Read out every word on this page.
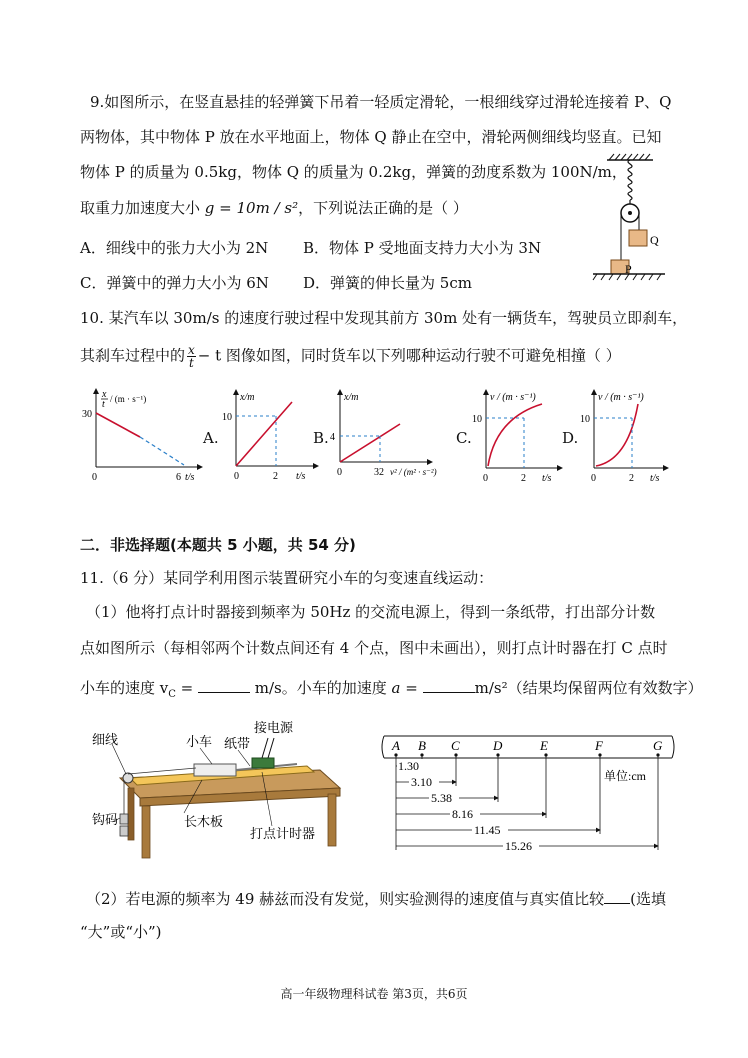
9.如图所示，在竖直悬挂的轻弹簧下吊着一轻质定滑轮，一根细线穿过滑轮连接着 P、Q
两物体，其中物体 P 放在水平地面上，物体 Q 静止在空中，滑轮两侧细线均竖直。已知
物体 P 的质量为 0.5kg，物体 Q 的质量为 0.2kg，弹簧的劲度系数为 100N/m，
取重力加速度大小 g = 10m / s²，下列说法正确的是（ ）
A．细线中的张力大小为 2N B．物体 P 受地面支持力大小为 3N
C．弹簧中的弹力大小为 6N D．弹簧的伸长量为 5cm
Q
P
10. 某汽车以 30m/s 的速度行驶过程中发现其前方 30m 处有一辆货车，驾驶员立即刹车，
其刹车过程中的 $\frac{x}{t} - t$ 图像如图，同时货车以下列哪种运动行驶不可避免相撞（ ）
x
t / (m · s⁻¹)
30
0	6 t/s
A.
x/m
10
0	2 t/s
B.
x/m
4
0	32 v² / (m² · s⁻²)
C.
v / (m · s⁻¹)
10
0	2 t/s
D.
v / (m · s⁻¹)
10
0	2 t/s
二．非选择题(本题共 5 小题，共 54 分)
11.（6 分）某同学利用图示装置研究小车的匀变速直线运动：
（1）他将打点计时器接到频率为 50Hz 的交流电源上，得到一条纸带，打出部分计数
点如图所示（每相邻两个计数点间还有 4 个点，图中未画出），则打点计时器在打 C 点时
小车的速度 $v_C$ =	m/s。小车的加速度 a =	m/s²（结果均保留两位有效数字）
细线	小车 纸带
接电源
钩码	长木板
打点计时器
A B C	D	E	F	G
1.30
3.10
5.38
8.16
11.45
15.26
单位:cm
（2）若电源的频率为 49 赫兹而没有发觉，则实验测得的速度值与真实值比较 (选填
“大”或“小”)
高一年级物理科试卷 第3页，共6页
